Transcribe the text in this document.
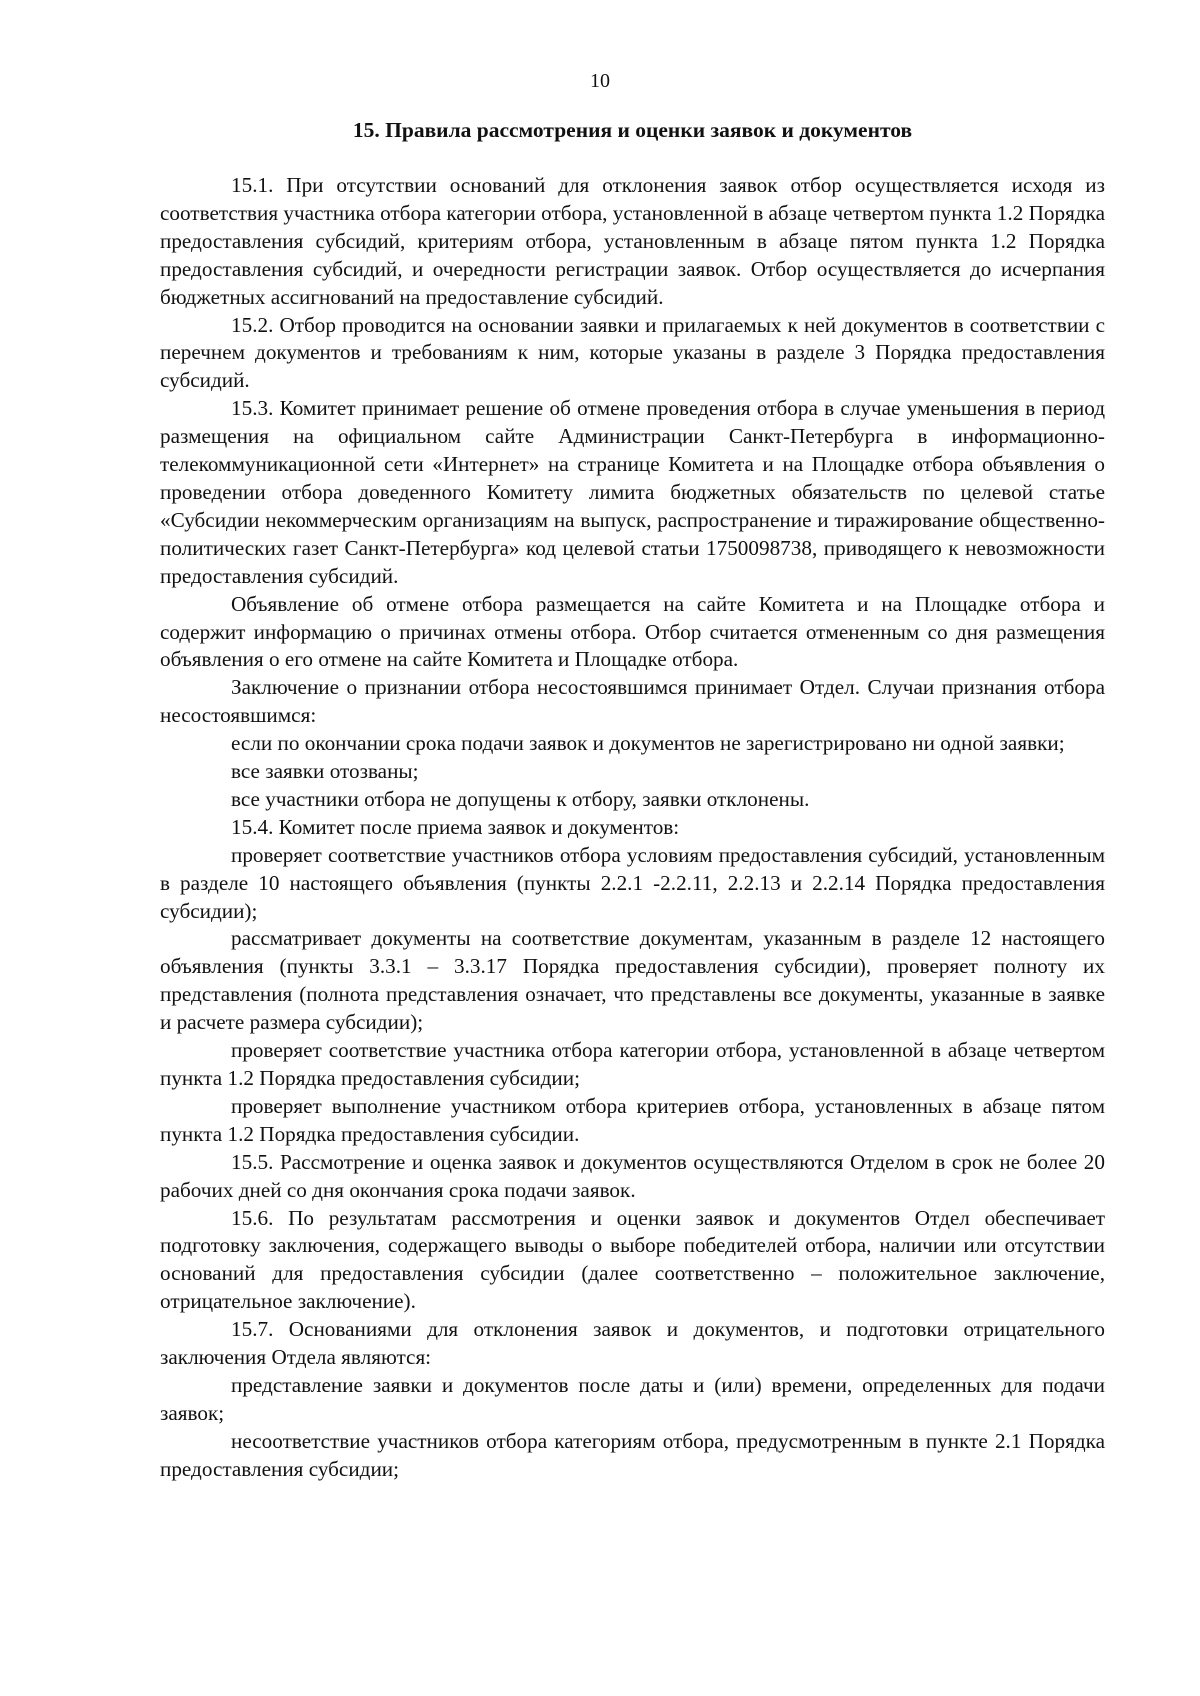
10
15. Правила рассмотрения и оценки заявок и документов

15.1. При отсутствии оснований для отклонения заявок отбор осуществляется исходя из соответствия участника отбора категории отбора, установленной в абзаце четвертом пункта 1.2 Порядка предоставления субсидий, критериям отбора, установленным в абзаце пятом пункта 1.2 Порядка предоставления субсидий, и очередности регистрации заявок. Отбор осуществляется до исчерпания бюджетных ассигнований на предоставление субсидий.

15.2. Отбор проводится на основании заявки и прилагаемых к ней документов в соответствии с перечнем документов и требованиям к ним, которые указаны в разделе 3 Порядка предоставления субсидий.

15.3. Комитет принимает решение об отмене проведения отбора в случае уменьшения в период размещения на официальном сайте Администрации Санкт-Петербурга в информационно-телекоммуникационной сети «Интернет» на странице Комитета и на Площадке отбора объявления о проведении отбора доведенного Комитету лимита бюджетных обязательств по целевой статье «Субсидии некоммерческим организациям на выпуск, распространение и тиражирование общественно-политических газет Санкт-Петербурга» код целевой статьи 1750098738, приводящего к невозможности предоставления субсидий.

Объявление об отмене отбора размещается на сайте Комитета и на Площадке отбора и содержит информацию о причинах отмены отбора. Отбор считается отмененным со дня размещения объявления о его отмене на сайте Комитета и Площадке отбора.

Заключение о признании отбора несостоявшимся принимает Отдел. Случаи признания отбора несостоявшимся:

если по окончании срока подачи заявок и документов не зарегистрировано ни одной заявки;

все заявки отозваны;

все участники отбора не допущены к отбору, заявки отклонены.

15.4. Комитет после приема заявок и документов:

проверяет соответствие участников отбора условиям предоставления субсидий, установленным в разделе 10 настоящего объявления (пункты 2.2.1 -2.2.11, 2.2.13 и 2.2.14 Порядка предоставления субсидии);

рассматривает документы на соответствие документам, указанным в разделе 12 настоящего объявления (пункты 3.3.1 – 3.3.17 Порядка предоставления субсидии), проверяет полноту их представления (полнота представления означает, что представлены все документы, указанные в заявке и расчете размера субсидии);

проверяет соответствие участника отбора категории отбора, установленной в абзаце четвертом пункта 1.2 Порядка предоставления субсидии;

проверяет выполнение участником отбора критериев отбора, установленных в абзаце пятом пункта 1.2 Порядка предоставления субсидии.

15.5. Рассмотрение и оценка заявок и документов осуществляются Отделом в срок не более 20 рабочих дней со дня окончания срока подачи заявок.

15.6. По результатам рассмотрения и оценки заявок и документов Отдел обеспечивает подготовку заключения, содержащего выводы о выборе победителей отбора, наличии или отсутствии оснований для предоставления субсидии (далее соответственно – положительное заключение, отрицательное заключение).

15.7. Основаниями для отклонения заявок и документов, и подготовки отрицательного заключения Отдела являются:

представление заявки и документов после даты и (или) времени, определенных для подачи заявок;

несоответствие участников отбора категориям отбора, предусмотренным в пункте 2.1 Порядка предоставления субсидии;
